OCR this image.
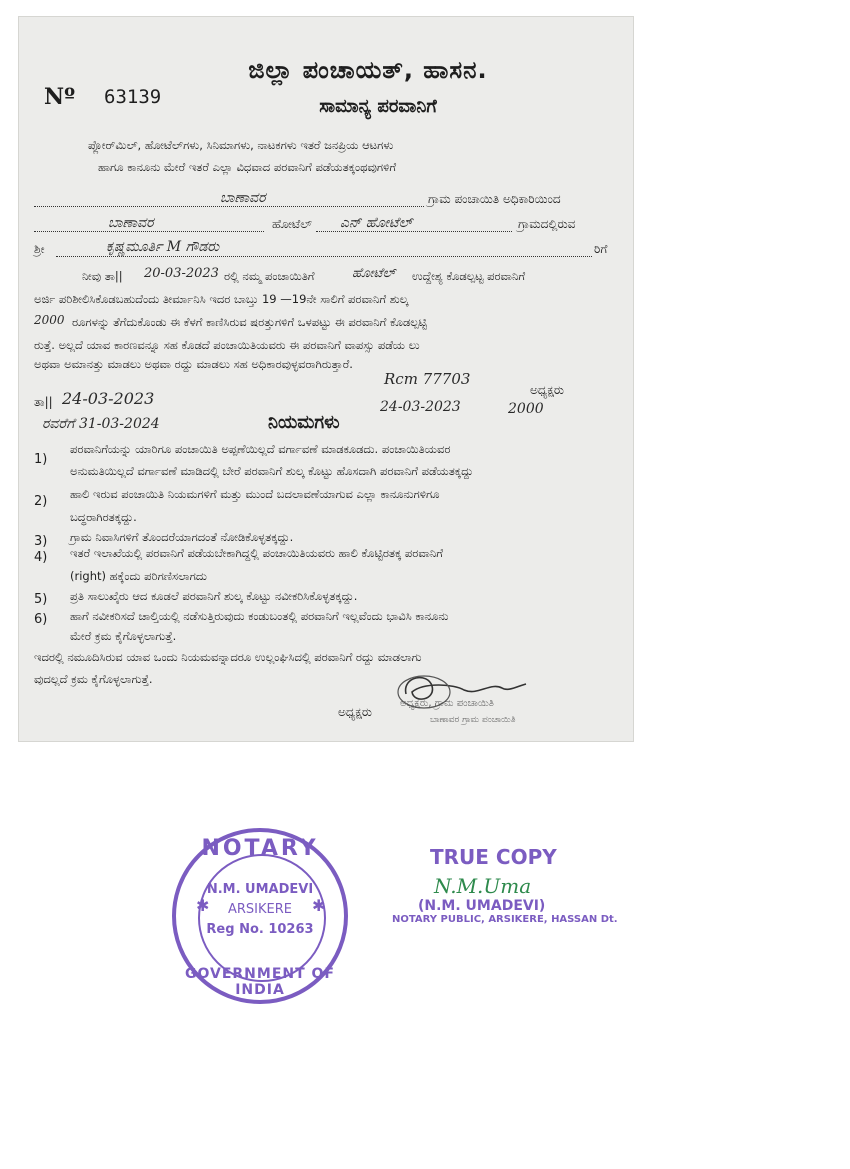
Nº 63139
ಜಿಲ್ಲಾ ಪಂಚಾಯತ್, ಹಾಸನ.
ಸಾಮಾನ್ಯ ಪರವಾನಿಗೆ
ಪ್ಲೋರ್‌ಮಿಲ್, ಹೋಟೆಲ್‌ಗಳು, ಸಿನಿಮಾಗಳು, ನಾಟಕಗಳು ಇತರೆ ಜನಪ್ರಿಯ ಆಟಗಳು
ಹಾಗೂ ಕಾನೂನು ಮೇರೆ ಇತರೆ ಎಲ್ಲಾ ವಿಧವಾದ ಪರವಾನಿಗೆ ಪಡೆಯತಕ್ಕಂಥವುಗಳಿಗೆ
ಬಾಣಾವರ	ಗ್ರಾಮ ಪಂಚಾಯಿತಿ ಅಧಿಕಾರಿಯಿಂದ
ಬಾಣಾವರ	ಹೋಟೆಲ್ ಎನ್ ಹೋಟೆಲ್	ಗ್ರಾಮದಲ್ಲಿರುವ
ಶ್ರೀ	ಕೃಷ್ಣಮೂರ್ತಿ M ಗೌಡರು	ರಿಗೆ
ನೀವು ತಾ|| 20-03-2023 ರಲ್ಲಿ ನಮ್ಮ ಪಂಚಾಯಿತಿಗೆ	ಹೋಟೆಲ್ ಉದ್ದೇಶ್ಯ ಕೊಡಲ್ಪಟ್ಟ ಪರವಾನಿಗೆ
ಅರ್ಜಿ ಪರಿಶೀಲಿಸಿಕೊಡಬಹುದೆಂದು ತೀರ್ಮಾನಿಸಿ ಇದರ ಬಾಬ್ತು 19 —19ನೇ ಸಾಲಿಗೆ ಪರವಾನಿಗೆ ಶುಲ್ಕ
2000 ರೂಗಳನ್ನು ತೆಗೆದುಕೊಂಡು ಈ ಕೆಳಗೆ ಕಾಣಿಸಿರುವ ಷರತ್ತುಗಳಿಗೆ ಒಳಪಟ್ಟು ಈ ಪರವಾನಿಗೆ ಕೊಡಲ್ಪಟ್ಟಿ
ರುತ್ತೆ. ಅಲ್ಲದೆ ಯಾವ ಕಾರಣವನ್ನೂ ಸಹ ಕೊಡದೆ ಪಂಚಾಯಿತಿಯವರು ಈ ಪರವಾನಿಗೆ ವಾಪಸ್ಸು ಪಡೆಯ ಲು
ಅಥವಾ ಅಮಾನತ್ತು ಮಾಡಲು ಅಥವಾ ರದ್ದು ಮಾಡಲು ಸಹ ಅಧಿಕಾರವುಳ್ಳವರಾಗಿರುತ್ತಾರೆ.
ತಾ|| 24-03-2023
Rcm 77703
24-03-2023	2000
ಅಧ್ಯಕ್ಷರು
ರವರೆಗೆ 31-03-2024	ನಿಯಮಗಳು
1)
ಪರವಾನಿಗೆಯನ್ನು ಯಾರಿಗೂ ಪಂಚಾಯಿತಿ ಅಪ್ಪಣೆಯಿಲ್ಲದೆ ವರ್ಗಾವಣೆ ಮಾಡಕೂಡದು. ಪಂಚಾಯಿತಿಯವರ
ಅನುಮತಿಯಿಲ್ಲದೆ ವರ್ಗಾವಣೆ ಮಾಡಿದಲ್ಲಿ ಬೇರೆ ಪರವಾನಿಗೆ ಶುಲ್ಕ ಕೊಟ್ಟು ಹೊಸದಾಗಿ ಪರವಾನಿಗೆ ಪಡೆಯತಕ್ಕದ್ದು
2) ಹಾಲಿ ಇರುವ ಪಂಚಾಯಿತಿ ನಿಯಮಗಳಿಗೆ ಮತ್ತು ಮುಂದೆ ಬದಲಾವಣೆಯಾಗುವ ಎಲ್ಲಾ ಕಾನೂನುಗಳಿಗೂ
ಬದ್ಧರಾಗಿರತಕ್ಕದ್ದು.
3) ಗ್ರಾಮ ನಿವಾಸಿಗಳಿಗೆ ತೊಂದರೆಯಾಗದಂತೆ ನೋಡಿಕೊಳ್ಳತಕ್ಕದ್ದು.
4) ಇತರೆ ಇಲಾಖೆಯಲ್ಲಿ ಪರವಾನಿಗೆ ಪಡೆಯಬೇಕಾಗಿದ್ದಲ್ಲಿ ಪಂಚಾಯಿತಿಯವರು ಹಾಲಿ ಕೊಟ್ಟಿರತಕ್ಕ ಪರವಾನಿಗೆ
(right) ಹಕ್ಕೆಂದು ಪರಿಗಣಿಸಲಾಗದು
5) ಪ್ರತಿ ಸಾಲುಖೈರು ಆದ ಕೂಡಲೆ ಪರವಾನಿಗೆ ಶುಲ್ಕ ಕೊಟ್ಟು ನವೀಕರಿಸಿಕೊಳ್ಳತಕ್ಕದ್ದು.
6) ಹಾಗೆ ನವೀಕರಿಸದೆ ಚಾಲ್ತಿಯಲ್ಲಿ ನಡೆಸುತ್ತಿರುವುದು ಕಂಡುಬಂತಲ್ಲಿ ಪರವಾನಿಗೆ ಇಲ್ಲವೆಂದು ಭಾವಿಸಿ ಕಾನೂನು
ಮೇರೆ ಕ್ರಮ ಕೈಗೊಳ್ಳಲಾಗುತ್ತೆ.
ಇದರಲ್ಲಿ ನಮೂದಿಸಿರುವ ಯಾವ ಒಂದು ನಿಯಮವನ್ನಾದರೂ ಉಲ್ಲಂಘಿಸಿದಲ್ಲಿ ಪರವಾನಿಗೆ ರದ್ದು ಮಾಡಲಾಗು
ವುದಲ್ಲದೆ ಕ್ರಮ ಕೈಗೊಳ್ಳಲಾಗುತ್ತೆ.
ಅಧ್ಯಕ್ಷರು
ಅಧ್ಯಕ್ಷರು, ಗ್ರಾಮ ಪಂಚಾಯಿತಿ
ಬಾಣಾವರ ಗ್ರಾಮ ಪಂಚಾಯಿತಿ
NOTARY
✱	✱
N.M. UMADEVI
ARSIKERE
Reg No. 10263
GOVERNMENT OF INDIA
TRUE COPY
N.M.Uma
(N.M. UMADEVI)
NOTARY PUBLIC, ARSIKERE, HASSAN Dt.
